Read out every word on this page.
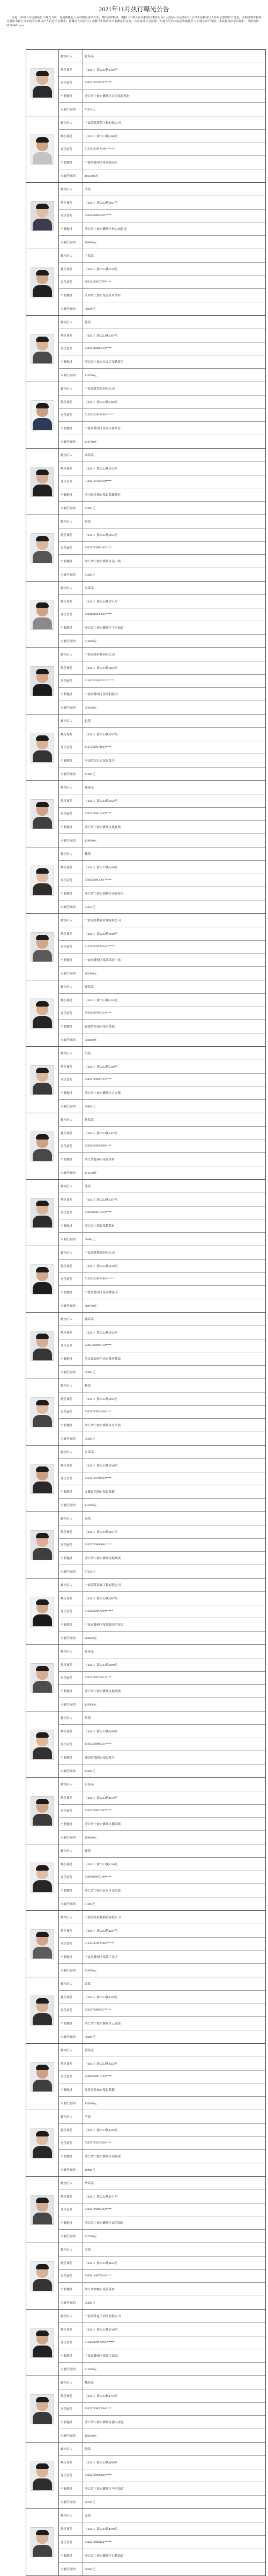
2021年11月执行曝光公告
为进一步加大失信被执行人曝光力度，促使被执行人主动履行法律义务，维护法律权威，根据《中华人民共和国民事诉讼法》及最高人民法院关于公布失信被执行人名单信息的若干规定，本院现将未按执行通知书履行义务的失信被执行人信息予以曝光。被曝光人员应当主动履行生效法律文书确定的义务，自觉接受社会监督。知情人可向本院提供被执行人下落及财产线索，本院将依法予以保护。举报电话：0574-8852xxxx
被执行人	张某某
执行案号	（2021）浙0212执1326号
身份证号	33022719790327****
户籍地址	浙江省宁波市鄞州区首南街道某村
未履行标的	71017元
被执行人	宁波某某建筑工程有限公司
执行案号	（2021）浙0212执1388号
身份证号	91330212MA2AH*****
户籍地址	宁波市鄞州区某某路某号
未履行标的	1023400元
被执行人	李某
执行案号	（2021）浙0212执2041号
身份证号	33022519850911****
户籍地址	浙江省宁波市鄞州区钟公庙街道
未履行标的	286000元
被执行人	王某某
执行案号	（2021）浙0212执2218号
身份证号	36232419820705****
户籍地址	江西省上饶市某县某乡某村
未履行标的	58921元
被执行人	陈某
执行案号	（2021）浙0212执2367号
身份证号	33020419880214****
户籍地址	浙江省宁波市江北区某路某号
未履行标的	133500元
被执行人	宁波某某贸易有限公司
执行案号	（2021）浙0212执2490号
身份证号	91330212MA28Y*****
户籍地址	宁波市鄞州区某某大厦某室
未履行标的	412760元
被执行人	刘某某
执行案号	（2021）浙0212执2532号
身份证号	51302119760418****
户籍地址	四川省达州市某县某镇某村
未履行标的	92000元
被执行人	周某
执行案号	（2021）浙0212执2655号
身份证号	33022719900102****
户籍地址	浙江省宁波市鄞州区姜山镇
未履行标的	64380元
被执行人	吴某某
执行案号	（2021）浙0212执2731号
身份证号	33021219830621****
户籍地址	浙江省宁波市鄞州区下应街道
未履行标的	310000元
被执行人	宁波某某科技有限公司
执行案号	（2021）浙0212执2804号
身份证号	91330212MA2CL*****
户籍地址	宁波市鄞州区某某科技园
未履行标的	756200元
被执行人	赵某
执行案号	（2021）浙0212执2917号
身份证号	41272519871103****
户籍地址	河南省周口市某县某乡
未履行标的	47600元
被执行人	孙某某
执行案号	（2021）浙0212执3022号
身份证号	33022719810529****
户籍地址	浙江省宁波市鄞州区咸祥镇
未履行标的	128900元
被执行人	钱某
执行案号	（2021）浙0212执3106号
身份证号	33020319920817****
户籍地址	浙江省宁波市海曙区某路某号
未履行标的	83250元
被执行人	宁波某某餐饮管理有限公司
执行案号	（2021）浙0212执3188号
身份证号	91330212MA2GQ*****
户籍地址	宁波市鄞州区某某商业广场
未履行标的	205400元
被执行人	郑某某
执行案号	（2021）浙0212执3245号
身份证号	35058319780312****
户籍地址	福建省泉州市某市某镇
未履行标的	560000元
被执行人	冯某
执行案号	（2021）浙0212执3319号
身份证号	33022719890725****
户籍地址	浙江省宁波市鄞州区五乡镇
未履行标的	39800元
被执行人	蒋某某
执行案号	（2021）浙0212执3402号
身份证号	33028219840906****
户籍地址	浙江省慈溪市某镇某村
未履行标的	176500元
被执行人	沈某
执行案号	（2021）浙0212执3477号
身份证号	33022619910214****
户籍地址	浙江省宁海县某镇某村
未履行标的	68000元
被执行人	宁波某某物流有限公司
执行案号	（2021）浙0212执3530号
身份证号	91330212MA2H3*****
户籍地址	宁波市鄞州区某某物流园
未履行标的	389700元
被执行人	韩某某
执行案号	（2021）浙0212执3612号
身份证号	23010319800118****
户籍地址	黑龙江省哈尔滨市某区某街
未履行标的	95000元
被执行人	杨某
执行案号	（2021）浙0212执3695号
身份证号	33022719930406****
户籍地址	浙江省宁波市鄞州区东吴镇
未履行标的	52300元
被执行人	朱某某
执行案号	（2021）浙0212执3748号
身份证号	34122119790923****
户籍地址	安徽省阜阳市某县某镇
未履行标的	142800元
被执行人	秦某
执行案号	（2021）浙0212执3821号
身份证号	33022719860601****
户籍地址	浙江省宁波市鄞州区瞻岐镇
未履行标的	77650元
被执行人	宁波某某装饰工程有限公司
执行案号	（2021）浙0212执3907号
身份证号	91330212MA2J8*****
户籍地址	宁波市鄞州区某某路某号某室
未履行标的	268000元
被执行人	许某某
执行案号	（2021）浙0212执3988号
身份证号	33022719770814****
户籍地址	浙江省宁波市鄞州区塘溪镇
未履行标的	115000元
被执行人	何某
执行案号	（2021）浙0212执4056号
身份证号	43052419890211****
户籍地址	湖南省邵阳市某县某乡
未履行标的	43900元
被执行人	吕某某
执行案号	（2021）浙0212执4133号
身份证号	33022719820307****
户籍地址	浙江省宁波市鄞州区横溪镇
未履行标的	198000元
被执行人	施某
执行案号	（2021）浙0212执4210号
身份证号	33020619950109****
户籍地址	浙江省宁波市北仑区某街道
未履行标的	61200元
被执行人	宁波某某机械制造有限公司
执行案号	（2021）浙0212执4287号
身份证号	91330212MA2KP*****
户籍地址	宁波市鄞州区某某工业区
未履行标的	834500元
被执行人	张某
执行案号	（2021）浙0212执4359号
身份证号	33022719880517****
户籍地址	浙江省宁波市鄞州区云龙镇
未履行标的	86400元
被执行人	曹某某
执行案号	（2021）浙0212执4432号
身份证号	32092219810722****
户籍地址	江苏省盐城市某县某镇
未履行标的	152000元
被执行人	严某
执行案号	（2021）浙0212执4508号
身份证号	33022719920928****
户籍地址	浙江省宁波市鄞州区邱隘镇
未履行标的	49800元
被执行人	华某某
执行案号	（2021）浙0212执4571号
身份证号	33022719800403****
户籍地址	浙江省宁波市鄞州区福明街道
未履行标的	227300元
被执行人	金某
执行案号	（2021）浙0212执4645号
身份证号	33028119870816****
户籍地址	浙江省余姚市某镇某村
未履行标的	72000元
被执行人	宁波某某电子商务有限公司
执行案号	（2021）浙0212执4718号
身份证号	91330212MA2NE*****
户籍地址	宁波市鄞州区某某电商园
未履行标的	315600元
被执行人	魏某某
执行案号	（2021）浙0212执4793号
身份证号	33022719830930****
户籍地址	浙江省宁波市鄞州区潘火街道
未履行标的	104500元
被执行人	陶某
执行案号	（2021）浙0212执4866号
身份证号	33022719900821****
户籍地址	浙江省宁波市鄞州区中河街道
未履行标的	58700元
被执行人	姜某
执行案号	（2021）浙0212执4940号
身份证号	33022719861227****
户籍地址	浙江省宁波市鄞州区白鹤街道
未履行标的	66300元
